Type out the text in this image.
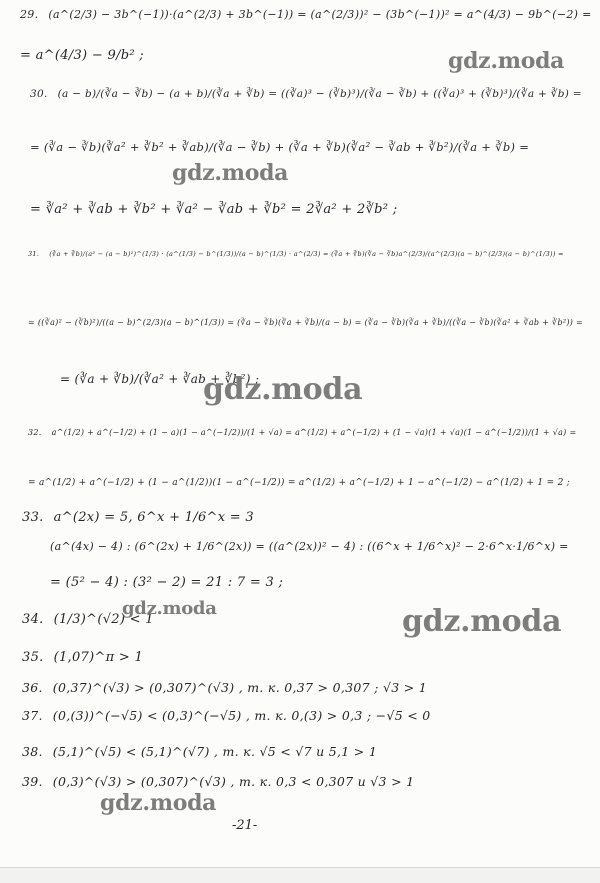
29. (a^(2/3) − 3b^(−1))·(a^(2/3) + 3b^(−1)) = (a^(2/3))² − (3b^(−1))² = a^(4/3) − 9b^(−2) =
= a^(4/3) − 9/b² ;
30. (a − b)/(∛a − ∛b) − (a + b)/(∛a + ∛b) = ((∛a)³ − (∛b)³)/(∛a − ∛b) + ((∛a)³ + (∛b)³)/(∛a + ∛b) =
= (∛a − ∛b)(∛a² + ∛b² + ∛ab)/(∛a − ∛b) + (∛a + ∛b)(∛a² − ∛ab + ∛b²)/(∛a + ∛b) =
= ∛a² + ∛ab + ∛b² + ∛a² − ∛ab + ∛b² = 2∛a² + 2∛b² ;
31. (∛a + ∛b)/(a² − (a − b)²)^(1/3) · (a^(1/3) − b^(1/3))/(a − b)^(1/3) · a^(2/3) = (∛a + ∛b)(∛a − ∛b)a^(2/3)/(a^(2/3)(a − b)^(2/3)(a − b)^(1/3)) =
= ((∛a)² − (∛b)²)/((a − b)^(2/3)(a − b)^(1/3)) = (∛a − ∛b)(∛a + ∛b)/(a − b) = (∛a − ∛b)(∛a + ∛b)/((∛a − ∛b)(∛a² + ∛ab + ∛b²)) =
= (∛a + ∛b)/(∛a² + ∛ab + ∛b²) ;
32. a^(1/2) + a^(−1/2) + (1 − a)(1 − a^(−1/2))/(1 + √a) = a^(1/2) + a^(−1/2) + (1 − √a)(1 + √a)(1 − a^(−1/2))/(1 + √a) =
= a^(1/2) + a^(−1/2) + (1 − a^(1/2))(1 − a^(−1/2)) = a^(1/2) + a^(−1/2) + 1 − a^(−1/2) − a^(1/2) + 1 = 2 ;
33. a^(2x) = 5, 6^x + 1/6^x = 3
(a^(4x) − 4) : (6^(2x) + 1/6^(2x)) = ((a^(2x))² − 4) : ((6^x + 1/6^x)² − 2·6^x·1/6^x) =
= (5² − 4) : (3² − 2) = 21 : 7 = 3 ;
34. (1/3)^(√2) < 1
35. (1,07)^π > 1
36. (0,37)^(√3) > (0,307)^(√3) , т. к. 0,37 > 0,307 ; √3 > 1
37. (0,(3))^(−√5) < (0,3)^(−√5) , т. к. 0,(3) > 0,3 ; −√5 < 0
38. (5,1)^(√5) < (5,1)^(√7) , т. к. √5 < √7 и 5,1 > 1
39. (0,3)^(√3) > (0,307)^(√3) , т. к. 0,3 < 0,307 и √3 > 1
gdz.moda
gdz.moda
gdz.moda
gdz.moda	gdz.moda
gdz.moda
-21-
